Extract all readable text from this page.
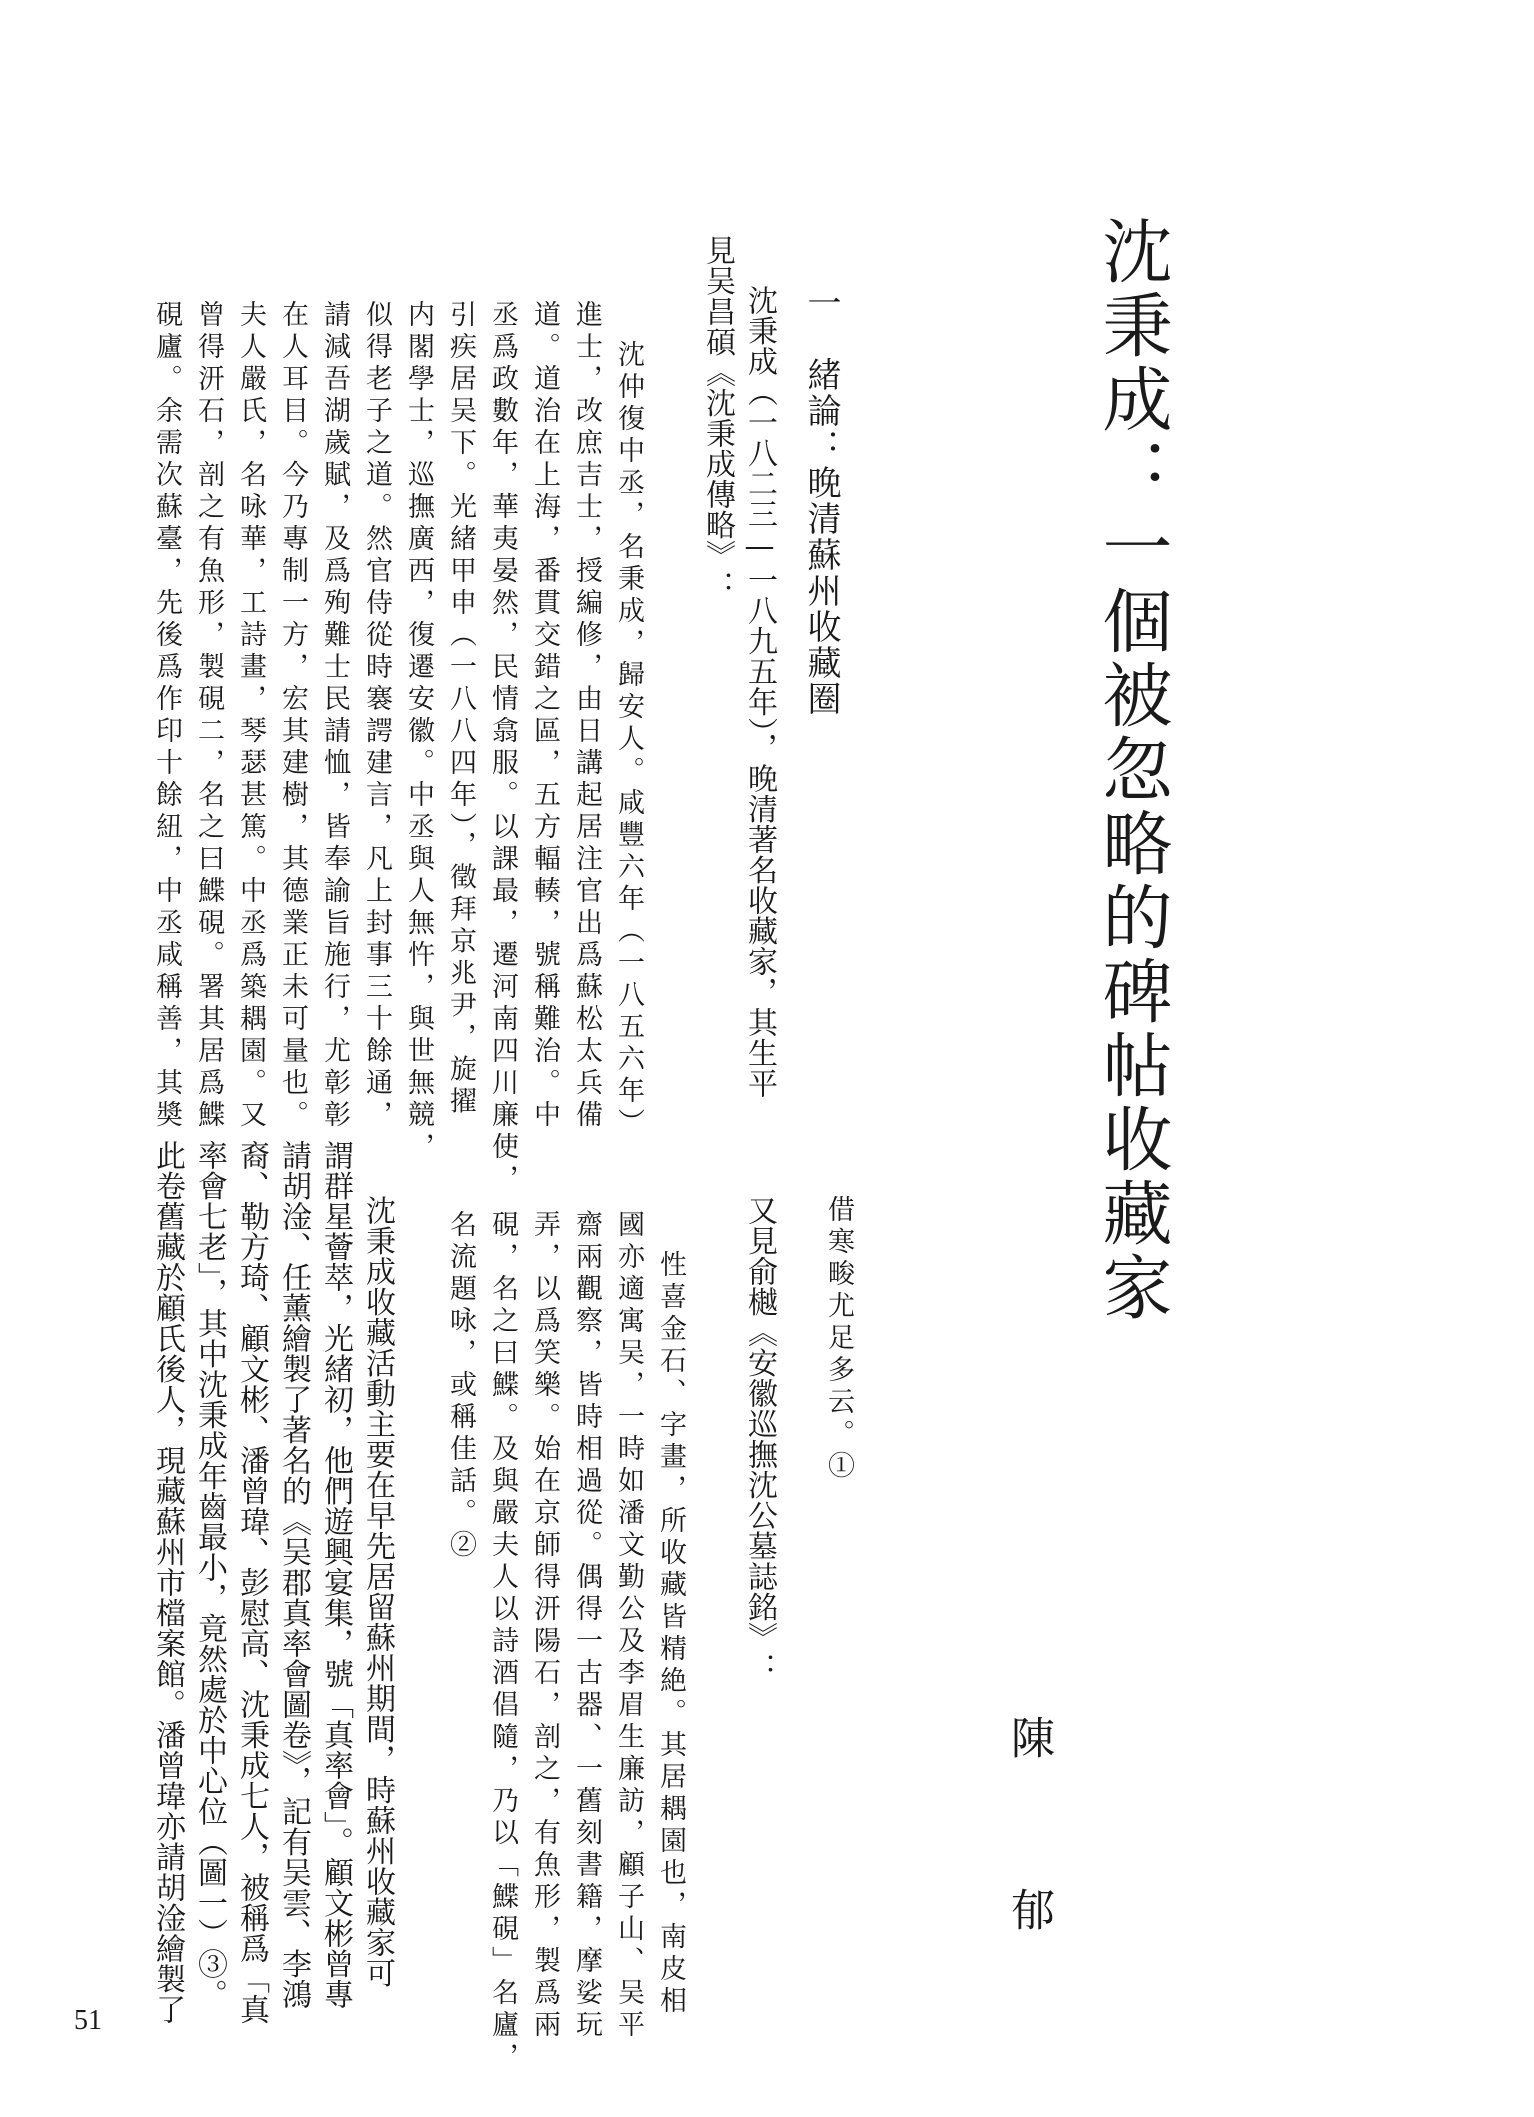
沈秉成：一個被忽略的碑帖收藏家
陳　郁
一　緒論：晚清蘇州收藏圈
沈秉成（一八二三—一八九五年），晚清著名收藏家，其生平
見吴昌碩《沈秉成傳略》：
沈仲復中丞，名秉成，歸安人。咸豐六年（一八五六年）
進士，改庶吉士，授編修，由日講起居注官出爲蘇松太兵備
道。道治在上海，番貫交錯之區，五方輻輳，號稱難治。中
丞爲政數年，華夷晏然，民情翕服。以課最，遷河南四川廉使，
引疾居吴下。光緒甲申（一八八四年），徵拜京兆尹，旋擢
内閣學士，巡撫廣西，復遷安徽。中丞與人無忤，與世無競，
似得老子之道。然官侍從時褰諤建言，凡上封事三十餘通，
請減吾湖歲賦，及爲殉難士民請恤，皆奉諭旨施行，尤彰彰
在人耳目。今乃專制一方，宏其建樹，其德業正未可量也。
夫人嚴氏，名咏華，工詩畫，琴瑟甚篤。中丞爲築耦園。又
曾得汧石，剖之有魚形，製硯二，名之曰鰈硯。署其居爲鰈
硯廬。余需次蘇臺，先後爲作印十餘紐，中丞咸稱善，其奬
借寒畯尤足多云。①
又見俞樾《安徽巡撫沈公墓誌銘》：
性喜金石、字畫，所收藏皆精絶。其居耦園也，南皮相
國亦適寓吴，一時如潘文勤公及李眉生廉訪，顧子山、吴平
齋兩觀察，皆時相過從。偶得一古器、一舊刻書籍，摩娑玩
弄，以爲笑樂。始在京師得汧陽石，剖之，有魚形，製爲兩
硯，名之曰鰈。及與嚴夫人以詩酒倡隨，乃以「鰈硯」名廬，
名流題咏，或稱佳話。②
沈秉成收藏活動主要在早先居留蘇州期間，時蘇州收藏家可
謂群星薈萃，光緒初，他們遊興宴集，號「真率會」。顧文彬曾專
請胡淦、任薰繪製了著名的《吴郡真率會圖卷》，記有吴雲、李鴻
裔、勒方琦、顧文彬、潘曾瑋、彭慰高、沈秉成七人，被稱爲「真
率會七老」，其中沈秉成年齒最小，竟然處於中心位（圖一）③。
此卷舊藏於顧氏後人，現藏蘇州市檔案館。潘曾瑋亦請胡淦繪製了
51
